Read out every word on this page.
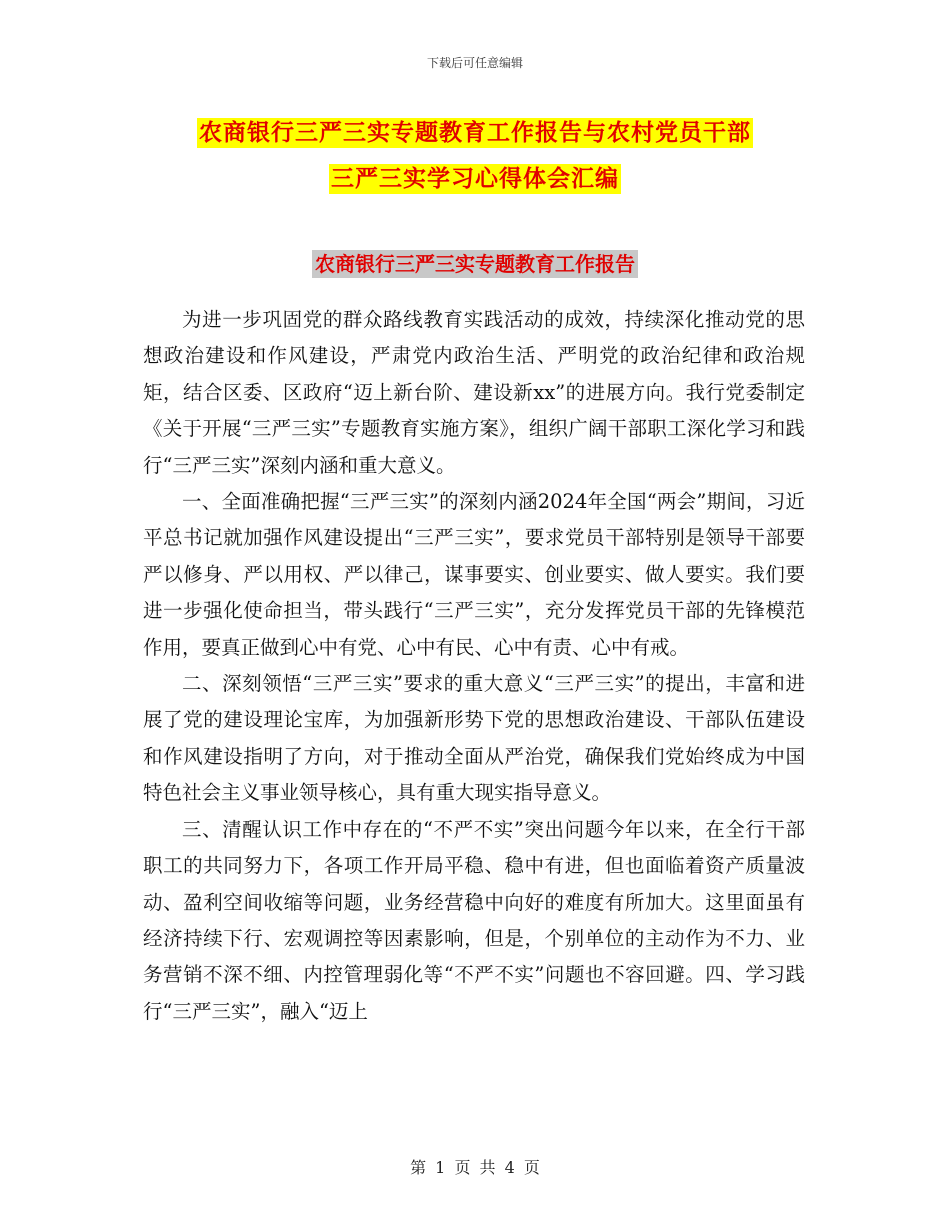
下载后可任意编辑
农商银行三严三实专题教育工作报告与农村党员干部
三严三实学习心得体会汇编
农商银行三严三实专题教育工作报告

为进一步巩固党的群众路线教育实践活动的成效，持续深化推动党的思想政治建设和作风建设，严肃党内政治生活、严明党的政治纪律和政治规矩，结合区委、区政府“迈上新台阶、建设新xx”的进展方向。我行党委制定《关于开展“三严三实”专题教育实施方案》，组织广阔干部职工深化学习和践行“三严三实”深刻内涵和重大意义。

一、全面准确把握“三严三实”的深刻内涵2024年全国“两会”期间，习近平总书记就加强作风建设提出“三严三实”，要求党员干部特别是领导干部要严以修身、严以用权、严以律己，谋事要实、创业要实、做人要实。我们要进一步强化使命担当，带头践行“三严三实”，充分发挥党员干部的先锋模范作用，要真正做到心中有党、心中有民、心中有责、心中有戒。

二、深刻领悟“三严三实”要求的重大意义“三严三实”的提出，丰富和进展了党的建设理论宝库，为加强新形势下党的思想政治建设、干部队伍建设和作风建设指明了方向，对于推动全面从严治党，确保我们党始终成为中国特色社会主义事业领导核心，具有重大现实指导意义。

三、清醒认识工作中存在的“不严不实”突出问题今年以来，在全行干部职工的共同努力下，各项工作开局平稳、稳中有进，但也面临着资产质量波动、盈利空间收缩等问题，业务经营稳中向好的难度有所加大。这里面虽有经济持续下行、宏观调控等因素影响，但是，个别单位的主动作为不力、业务营销不深不细、内控管理弱化等“不严不实”问题也不容回避。四、学习践行“三严三实”，融入“迈上

第 1 页 共 4 页
